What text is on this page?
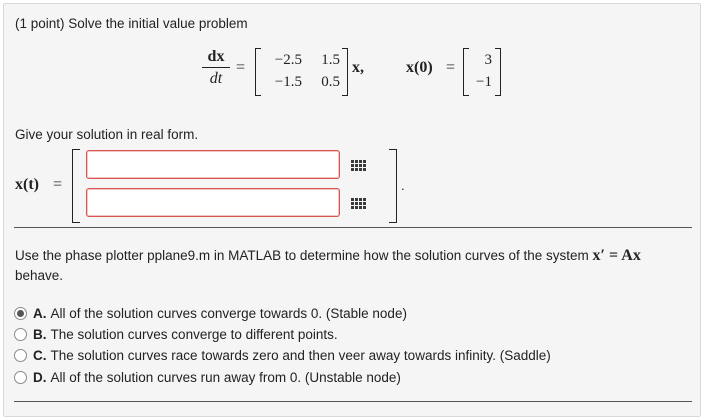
(1 point) Solve the initial value problem
$\frac{dx}{dt}$ =	−2.5	1.5
−1.5	0.5
x,	x(0) =	3
−1
Give your solution in real form.
x(t) =	.
Use the phase plotter pplane9.m in MATLAB to determine how the solution curves of the system x′ = Ax
behave.
A. All of the solution curves converge towards 0. (Stable node)
B. The solution curves converge to different points.
C. The solution curves race towards zero and then veer away towards infinity. (Saddle)
D. All of the solution curves run away from 0. (Unstable node)
